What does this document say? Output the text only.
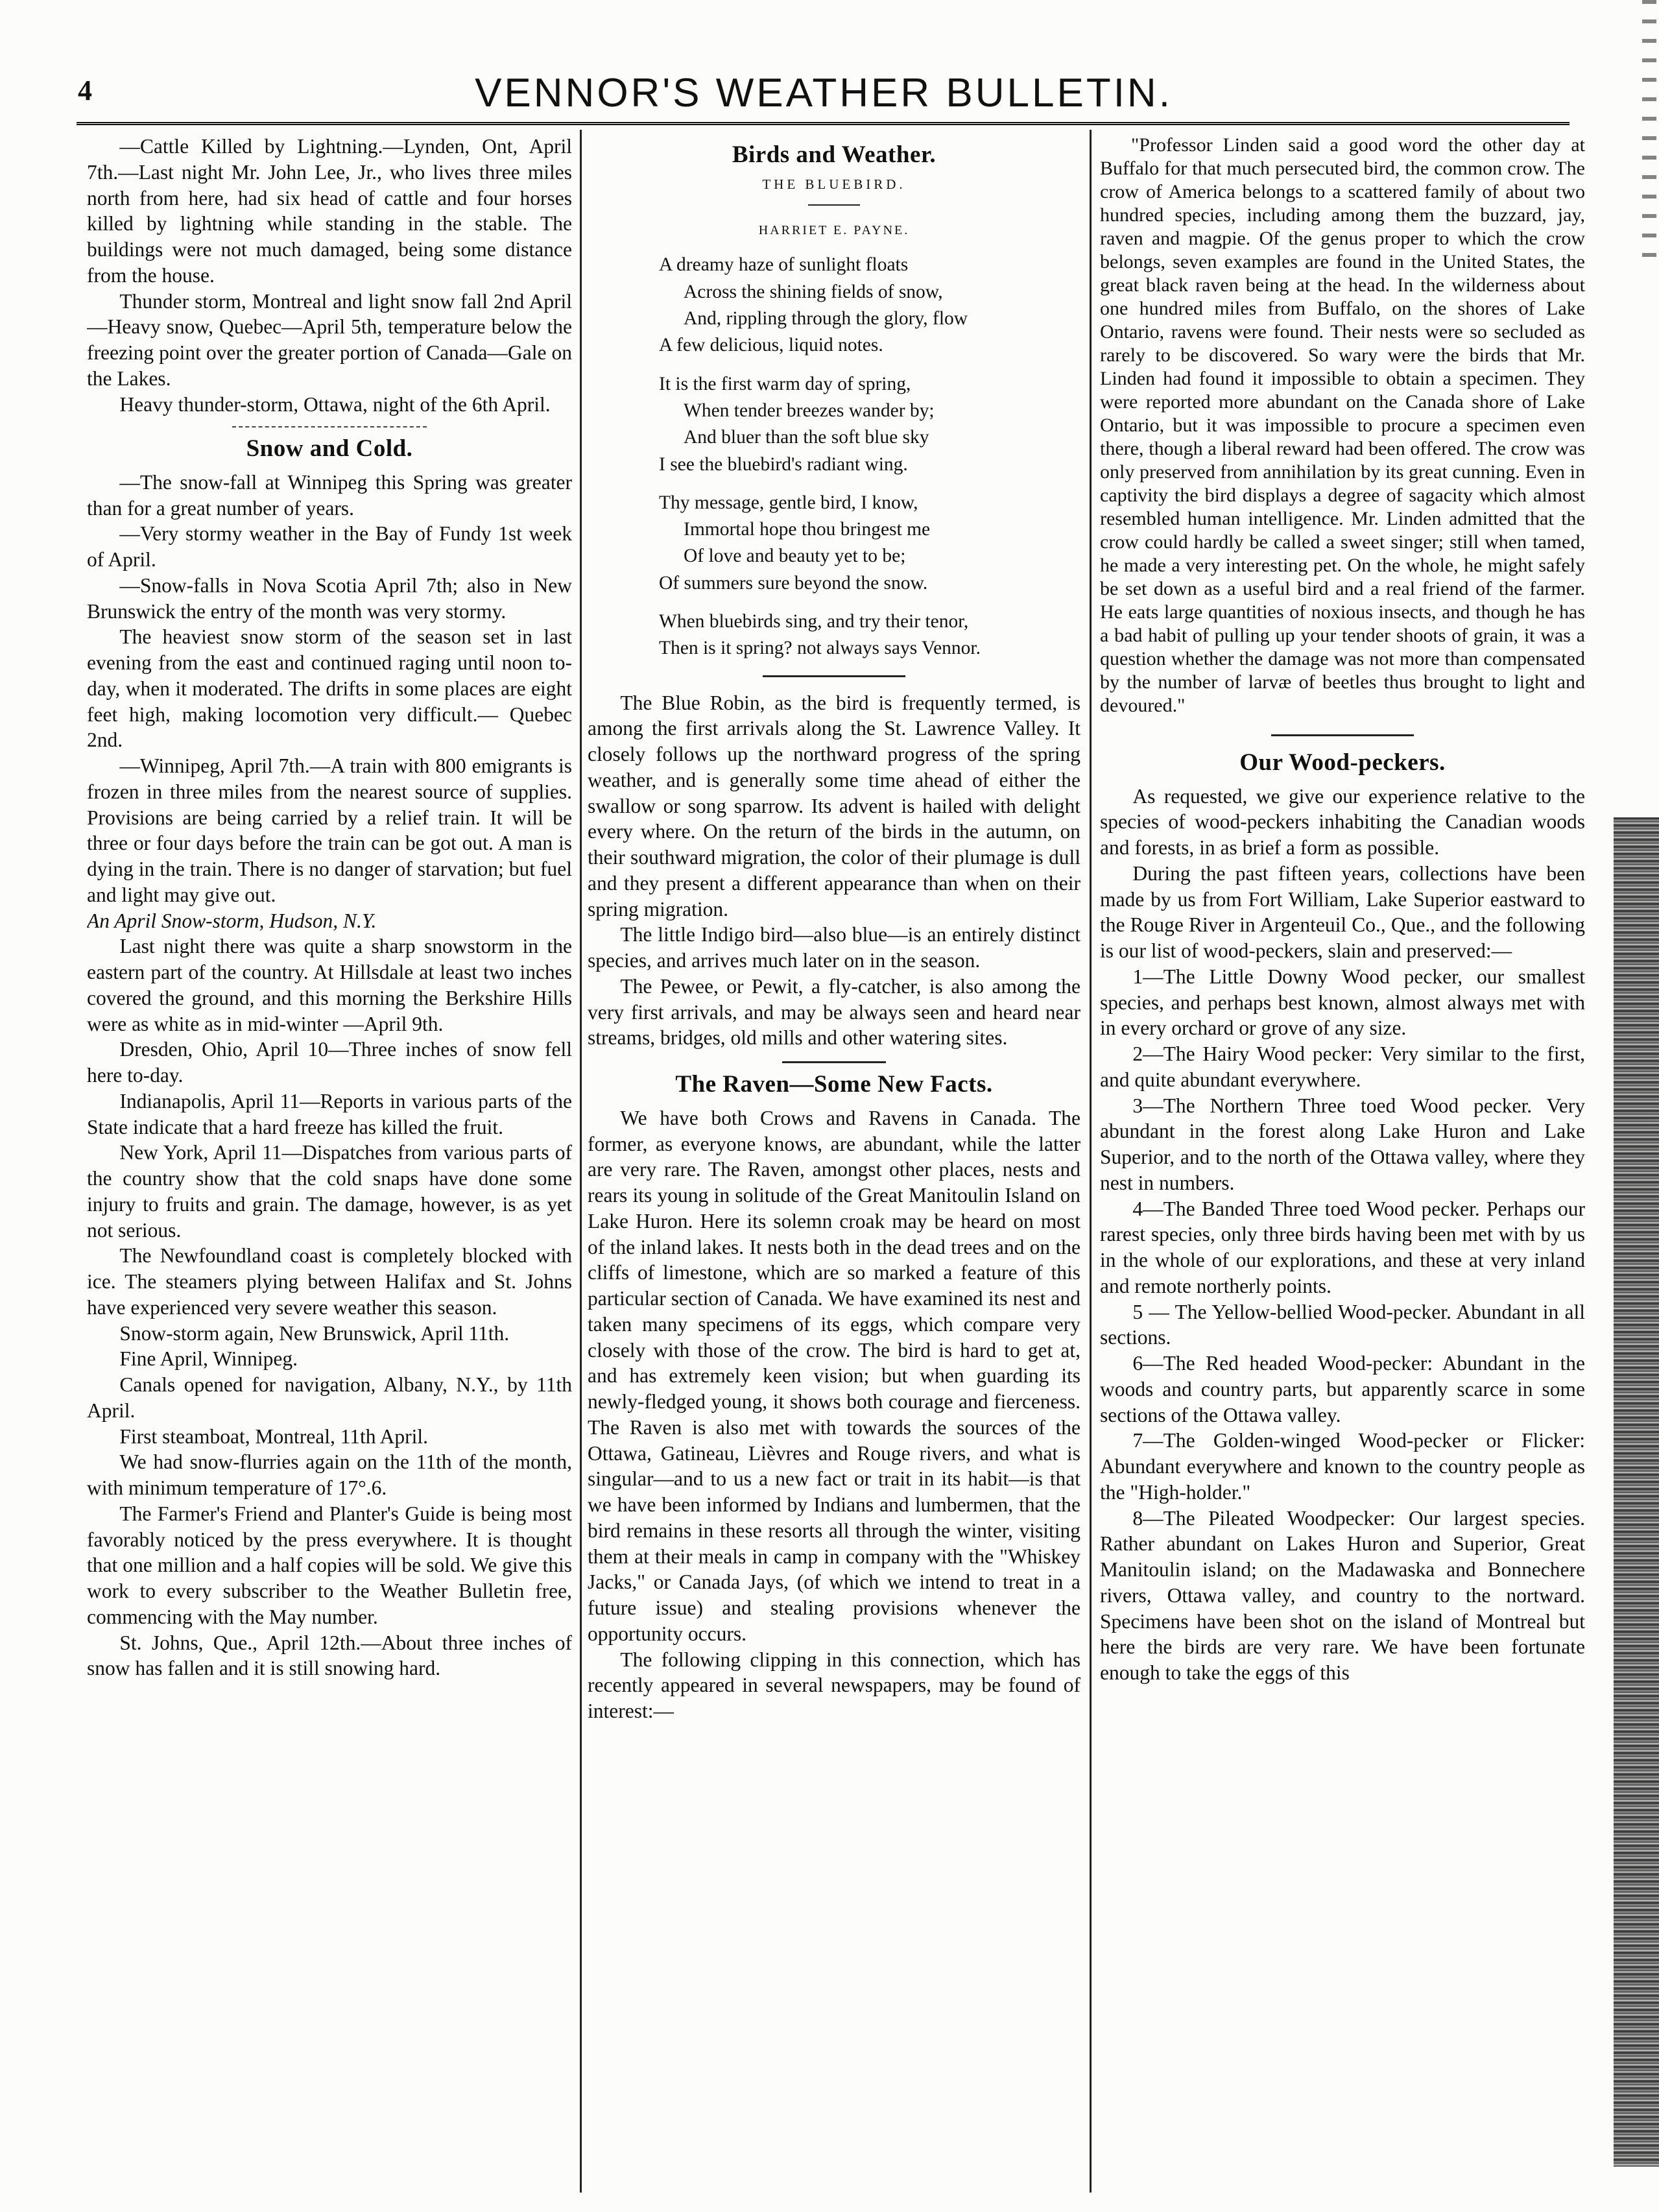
4	VENNOR'S WEATHER BULLETIN.

—Cattle Killed by Lightning.—Lynden, Ont, April 7th.—Last night Mr. John Lee, Jr., who lives three miles north from here, had six head of cattle and four horses killed by lightning while standing in the stable. The buildings were not much damaged, being some distance from the house.

Thunder storm, Montreal and light snow fall 2nd April—Heavy snow, Quebec—April 5th, temperature below the freezing point over the greater portion of Canada—Gale on the Lakes.

Heavy thunder-storm, Ottawa, night of the 6th April.

Snow and Cold.

—The snow-fall at Winnipeg this Spring was greater than for a great number of years.

—Very stormy weather in the Bay of Fundy 1st week of April.

—Snow-falls in Nova Scotia April 7th; also in New Brunswick the entry of the month was very stormy.

The heaviest snow storm of the season set in last evening from the east and continued raging until noon to-day, when it moderated. The drifts in some places are eight feet high, making locomotion very difficult.— Quebec 2nd.

—Winnipeg, April 7th.—A train with 800 emigrants is frozen in three miles from the nearest source of supplies. Provisions are being carried by a relief train. It will be three or four days before the train can be got out. A man is dying in the train. There is no danger of starvation; but fuel and light may give out.

An April Snow-storm, Hudson, N.Y.

Last night there was quite a sharp snowstorm in the eastern part of the country. At Hillsdale at least two inches covered the ground, and this morning the Berkshire Hills were as white as in mid-winter —April 9th.

Dresden, Ohio, April 10—Three inches of snow fell here to-day.

Indianapolis, April 11—Reports in various parts of the State indicate that a hard freeze has killed the fruit.

New York, April 11—Dispatches from various parts of the country show that the cold snaps have done some injury to fruits and grain. The damage, however, is as yet not serious.

The Newfoundland coast is completely blocked with ice. The steamers plying between Halifax and St. Johns have experienced very severe weather this season.

Snow-storm again, New Brunswick, April 11th.

Fine April, Winnipeg.

Canals opened for navigation, Albany, N.Y., by 11th April.

First steamboat, Montreal, 11th April.

We had snow-flurries again on the 11th of the month, with minimum temperature of 17°.6.

The Farmer's Friend and Planter's Guide is being most favorably noticed by the press everywhere. It is thought that one million and a half copies will be sold. We give this work to every subscriber to the Weather Bulletin free, commencing with the May number.

St. Johns, Que., April 12th.—About three inches of snow has fallen and it is still snowing hard.

Birds and Weather.
THE BLUEBIRD.
HARRIET E. PAYNE.
A dreamy haze of sunlight floats
Across the shining fields of snow,
And, rippling through the glory, flow
A few delicious, liquid notes.
It is the first warm day of spring,
When tender breezes wander by;
And bluer than the soft blue sky
I see the bluebird's radiant wing.
Thy message, gentle bird, I know,
Immortal hope thou bringest me
Of love and beauty yet to be;
Of summers sure beyond the snow.
When bluebirds sing, and try their tenor,
Then is it spring? not always says Vennor.

The Blue Robin, as the bird is frequently termed, is among the first arrivals along the St. Lawrence Valley. It closely follows up the northward progress of the spring weather, and is generally some time ahead of either the swallow or song sparrow. Its advent is hailed with delight every where. On the return of the birds in the autumn, on their southward migration, the color of their plumage is dull and they present a different appearance than when on their spring migration.

The little Indigo bird—also blue—is an entirely distinct species, and arrives much later on in the season.

The Pewee, or Pewit, a fly-catcher, is also among the very first arrivals, and may be always seen and heard near streams, bridges, old mills and other watering sites.

The Raven—Some New Facts.

We have both Crows and Ravens in Canada. The former, as everyone knows, are abundant, while the latter are very rare. The Raven, amongst other places, nests and rears its young in solitude of the Great Manitoulin Island on Lake Huron. Here its solemn croak may be heard on most of the inland lakes. It nests both in the dead trees and on the cliffs of limestone, which are so marked a feature of this particular section of Canada. We have examined its nest and taken many specimens of its eggs, which compare very closely with those of the crow. The bird is hard to get at, and has extremely keen vision; but when guarding its newly-fledged young, it shows both courage and fierceness. The Raven is also met with towards the sources of the Ottawa, Gatineau, Lièvres and Rouge rivers, and what is singular—and to us a new fact or trait in its habit—is that we have been informed by Indians and lumbermen, that the bird remains in these resorts all through the winter, visiting them at their meals in camp in company with the "Whiskey Jacks," or Canada Jays, (of which we intend to treat in a future issue) and stealing provisions whenever the opportunity occurs.

The following clipping in this connection, which has recently appeared in several newspapers, may be found of interest:—

"Professor Linden said a good word the other day at Buffalo for that much persecuted bird, the common crow. The crow of America belongs to a scattered family of about two hundred species, including among them the buzzard, jay, raven and magpie. Of the genus proper to which the crow belongs, seven examples are found in the United States, the great black raven being at the head. In the wilderness about one hundred miles from Buffalo, on the shores of Lake Ontario, ravens were found. Their nests were so secluded as rarely to be discovered. So wary were the birds that Mr. Linden had found it impossible to obtain a specimen. They were reported more abundant on the Canada shore of Lake Ontario, but it was impossible to procure a specimen even there, though a liberal reward had been offered. The crow was only preserved from annihilation by its great cunning. Even in captivity the bird displays a degree of sagacity which almost resembled human intelligence. Mr. Linden admitted that the crow could hardly be called a sweet singer; still when tamed, he made a very interesting pet. On the whole, he might safely be set down as a useful bird and a real friend of the farmer. He eats large quantities of noxious insects, and though he has a bad habit of pulling up your tender shoots of grain, it was a question whether the damage was not more than compensated by the number of larvæ of beetles thus brought to light and devoured."

Our Wood-peckers.

As requested, we give our experience relative to the species of wood-peckers inhabiting the Canadian woods and forests, in as brief a form as possible.

During the past fifteen years, collections have been made by us from Fort William, Lake Superior eastward to the Rouge River in Argenteuil Co., Que., and the following is our list of wood-peckers, slain and preserved:—

1—The Little Downy Wood pecker, our smallest species, and perhaps best known, almost always met with in every orchard or grove of any size.

2—The Hairy Wood pecker: Very similar to the first, and quite abundant everywhere.

3—The Northern Three toed Wood pecker. Very abundant in the forest along Lake Huron and Lake Superior, and to the north of the Ottawa valley, where they nest in numbers.

4—The Banded Three toed Wood pecker. Perhaps our rarest species, only three birds having been met with by us in the whole of our explorations, and these at very inland and remote northerly points.

5 — The Yellow-bellied Wood-pecker. Abundant in all sections.

6—The Red headed Wood-pecker: Abundant in the woods and country parts, but apparently scarce in some sections of the Ottawa valley.

7—The Golden-winged Wood-pecker or Flicker: Abundant everywhere and known to the country people as the "High-holder."

8—The Pileated Woodpecker: Our largest species. Rather abundant on Lakes Huron and Superior, Great Manitoulin island; on the Madawaska and Bonnechere rivers, Ottawa valley, and country to the nortward. Specimens have been shot on the island of Montreal but here the birds are very rare. We have been fortunate enough to take the eggs of this
